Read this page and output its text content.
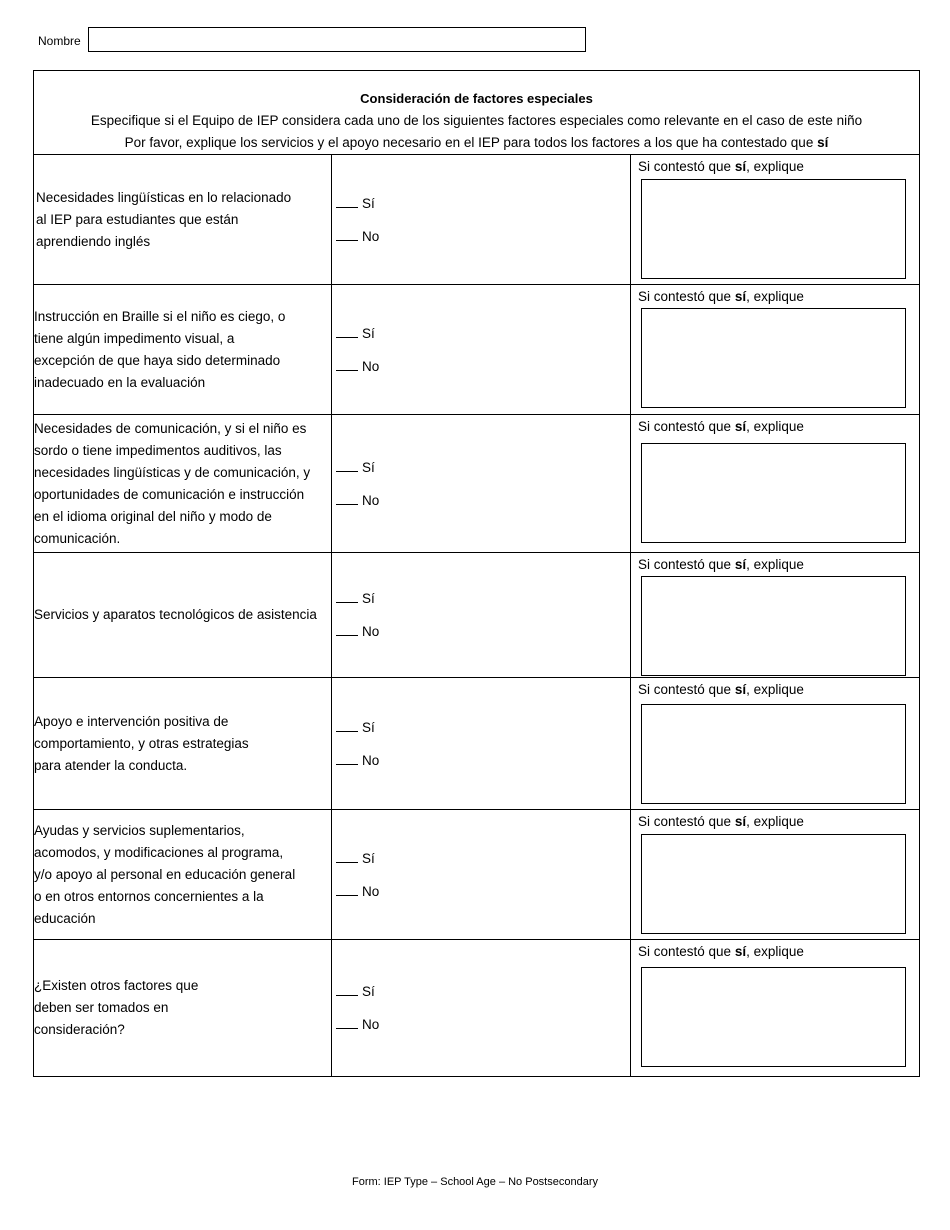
Nombre
Consideración de factores especiales
Especifique si el Equipo de IEP considera cada uno de los siguientes factores especiales como relevante en el caso de este niño
Por favor, explique los servicios y el apoyo necesario en el IEP para todos los factores a los que ha contestado que sí
Necesidades lingüísticas en lo relacionado
al IEP para estudiantes que están
aprendiendo inglés
Sí
No
Si contestó que sí, explique
Instrucción en Braille si el niño es ciego, o
tiene algún impedimento visual, a
excepción de que haya sido determinado
inadecuado en la evaluación
Sí
No
Si contestó que sí, explique
Necesidades de comunicación, y si el niño es
sordo o tiene impedimentos auditivos, las
necesidades lingüísticas y de comunicación, y
oportunidades de comunicación e instrucción
en el idioma original del niño y modo de
comunicación.
Sí
No
Si contestó que sí, explique
Servicios y aparatos tecnológicos de asistencia
Sí
No
Si contestó que sí, explique
Apoyo e intervención positiva de
comportamiento, y otras estrategias
para atender la conducta.
Sí
No
Si contestó que sí, explique
Ayudas y servicios suplementarios,
acomodos, y modificaciones al programa,
y/o apoyo al personal en educación general
o en otros entornos concernientes a la
educación
Sí
No
Si contestó que sí, explique
¿Existen otros factores que
deben ser tomados en
consideración?
Sí
No
Si contestó que sí, explique
Form: IEP Type – School Age – No Postsecondary
